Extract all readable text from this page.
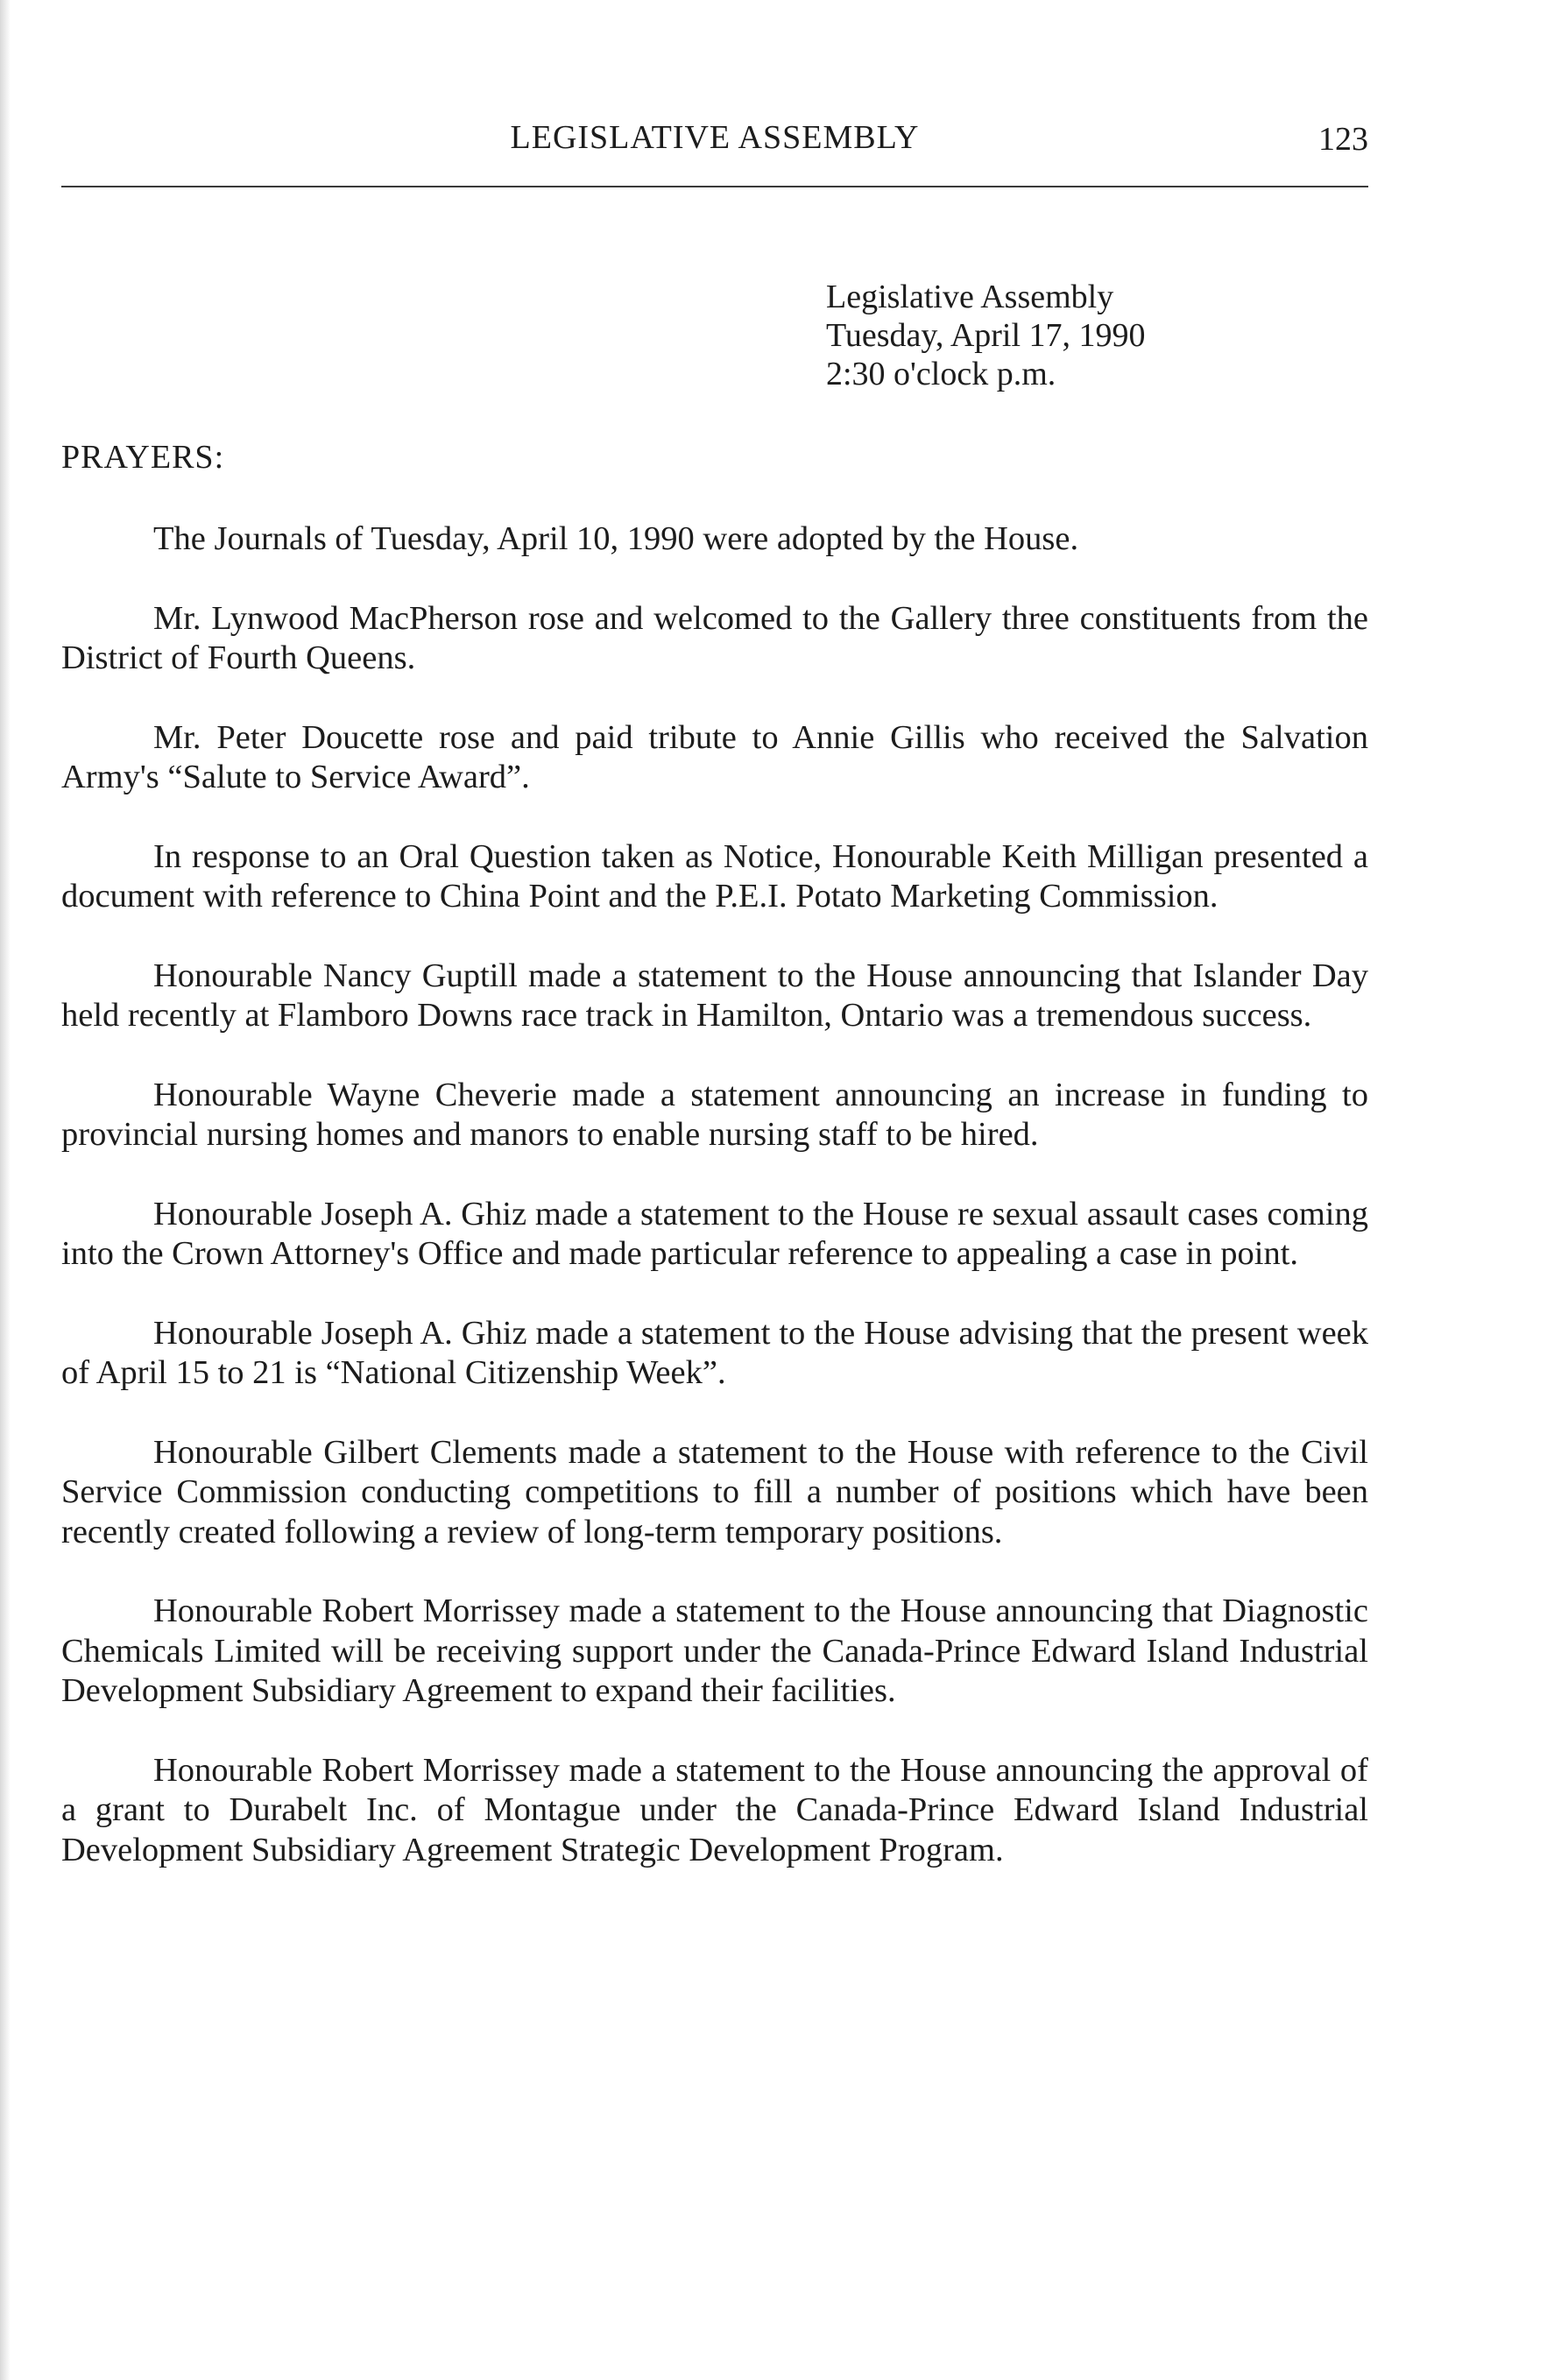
LEGISLATIVE ASSEMBLY	123
Legislative Assembly
Tuesday, April 17, 1990
2:30 o'clock p.m.
PRAYERS:

The Journals of Tuesday, April 10, 1990 were adopted by the House.

Mr. Lynwood MacPherson rose and welcomed to the Gallery three constituents from the District of Fourth Queens.

Mr. Peter Doucette rose and paid tribute to Annie Gillis who received the Salvation Army's “Salute to Service Award”.

In response to an Oral Question taken as Notice, Honourable Keith Milligan presented a document with reference to China Point and the P.E.I. Potato Marketing Commission.

Honourable Nancy Guptill made a statement to the House announcing that Islander Day held recently at Flamboro Downs race track in Hamilton, Ontario was a tremendous success.

Honourable Wayne Cheverie made a statement announcing an increase in funding to provincial nursing homes and manors to enable nursing staff to be hired.

Honourable Joseph A. Ghiz made a statement to the House re sexual assault cases coming into the Crown Attorney's Office and made particular reference to appealing a case in point.

Honourable Joseph A. Ghiz made a statement to the House advising that the present week of April 15 to 21 is “National Citizenship Week”.

Honourable Gilbert Clements made a statement to the House with reference to the Civil Service Commission conducting competitions to fill a number of positions which have been recently created following a review of long-term temporary positions.

Honourable Robert Morrissey made a statement to the House announcing that Diagnostic Chemicals Limited will be receiving support under the Canada-Prince Edward Island Industrial Development Subsidiary Agreement to expand their facilities.

Honourable Robert Morrissey made a statement to the House announcing the approval of a grant to Durabelt Inc. of Montague under the Canada-Prince Edward Island Industrial Development Subsidiary Agreement Strategic Development Program.
